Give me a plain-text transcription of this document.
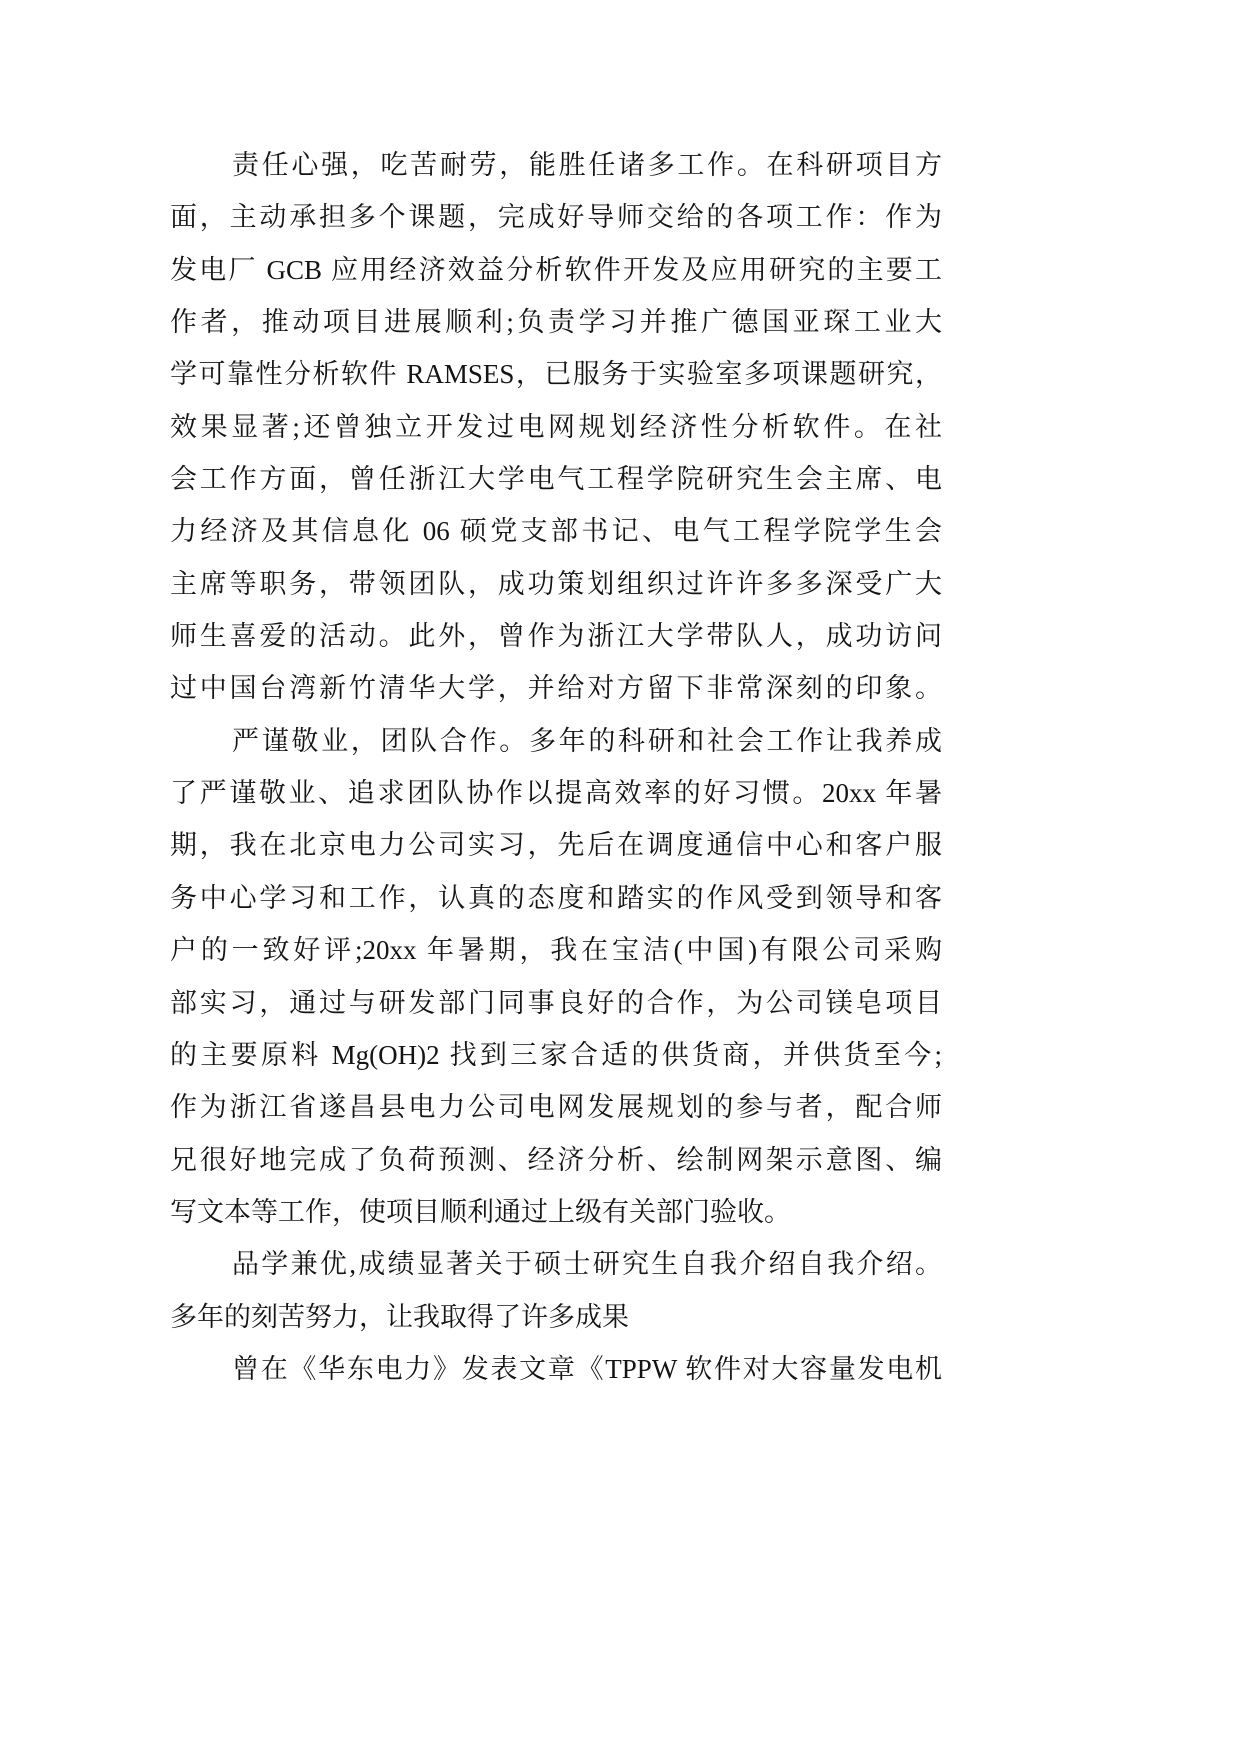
责任心强，吃苦耐劳，能胜任诸多工作。在科研项目方
面，主动承担多个课题，完成好导师交给的各项工作：作为
发电厂 GCB 应用经济效益分析软件开发及应用研究的主要工
作者，推动项目进展顺利;负责学习并推广德国亚琛工业大
学可靠性分析软件 RAMSES，已服务于实验室多项课题研究，
效果显著;还曾独立开发过电网规划经济性分析软件。在社
会工作方面，曾任浙江大学电气工程学院研究生会主席、电
力经济及其信息化 06 硕党支部书记、电气工程学院学生会
主席等职务，带领团队，成功策划组织过许许多多深受广大
师生喜爱的活动。此外，曾作为浙江大学带队人，成功访问
过中国台湾新竹清华大学，并给对方留下非常深刻的印象。
严谨敬业，团队合作。多年的科研和社会工作让我养成
了严谨敬业、追求团队协作以提高效率的好习惯。20xx 年暑
期，我在北京电力公司实习，先后在调度通信中心和客户服
务中心学习和工作，认真的态度和踏实的作风受到领导和客
户的一致好评;20xx 年暑期，我在宝洁(中国)有限公司采购
部实习，通过与研发部门同事良好的合作，为公司镁皂项目
的主要原料 Mg(OH)2 找到三家合适的供货商，并供货至今;
作为浙江省遂昌县电力公司电网发展规划的参与者，配合师
兄很好地完成了负荷预测、经济分析、绘制网架示意图、编
写文本等工作，使项目顺利通过上级有关部门验收。
品学兼优,成绩显著关于硕士研究生自我介绍自我介绍。
多年的刻苦努力，让我取得了许多成果
曾在《华东电力》发表文章《TPPW 软件对大容量发电机
